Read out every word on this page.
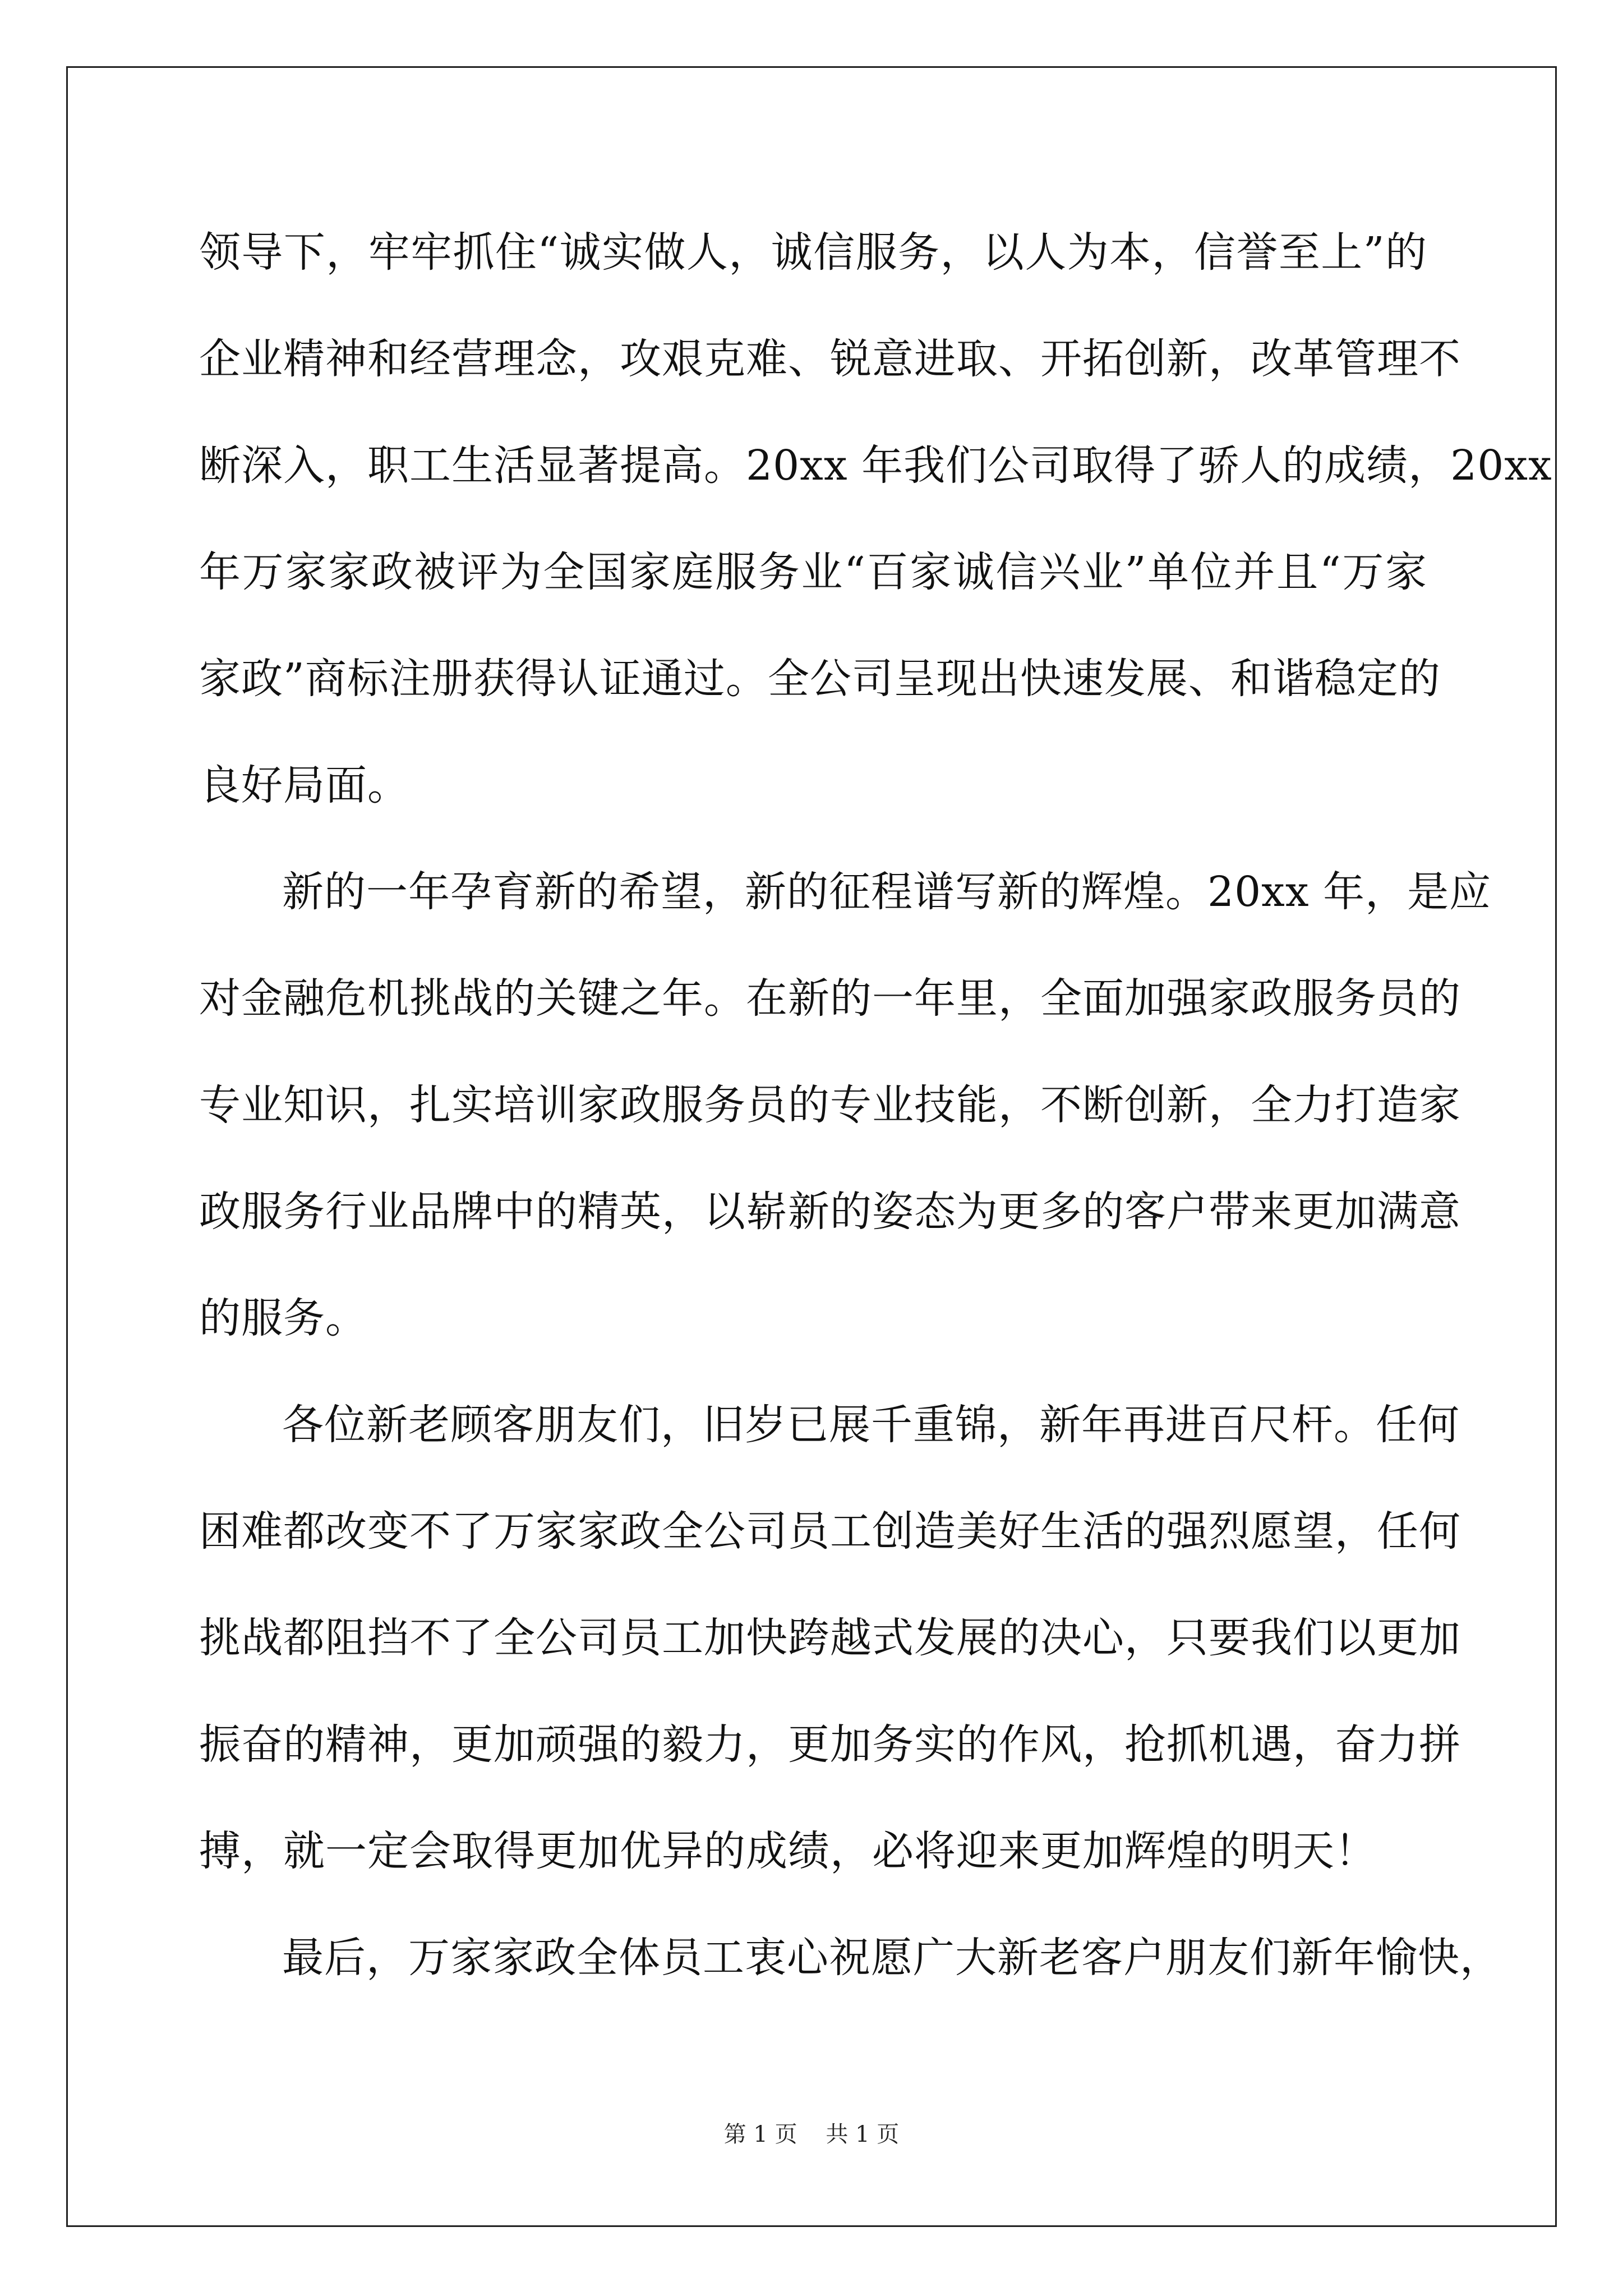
领导下，牢牢抓住“诚实做人，诚信服务，以人为本，信誉至上”的
企业精神和经营理念，攻艰克难、锐意进取、开拓创新，改革管理不
断深入，职工生活显著提高。20xx 年我们公司取得了骄人的成绩，20xx
年万家家政被评为全国家庭服务业“百家诚信兴业”单位并且“万家
家政”商标注册获得认证通过。全公司呈现出快速发展、和谐稳定的
良好局面。
新的一年孕育新的希望，新的征程谱写新的辉煌。20xx 年，是应
对金融危机挑战的关键之年。在新的一年里，全面加强家政服务员的
专业知识，扎实培训家政服务员的专业技能，不断创新，全力打造家
政服务行业品牌中的精英，以崭新的姿态为更多的客户带来更加满意
的服务。
各位新老顾客朋友们，旧岁已展千重锦，新年再进百尺杆。任何
困难都改变不了万家家政全公司员工创造美好生活的强烈愿望，任何
挑战都阻挡不了全公司员工加快跨越式发展的决心，只要我们以更加
振奋的精神，更加顽强的毅力，更加务实的作风，抢抓机遇，奋力拼
搏，就一定会取得更加优异的成绩，必将迎来更加辉煌的明天！
最后，万家家政全体员工衷心祝愿广大新老客户朋友们新年愉快，
第 1 页    共 1 页
